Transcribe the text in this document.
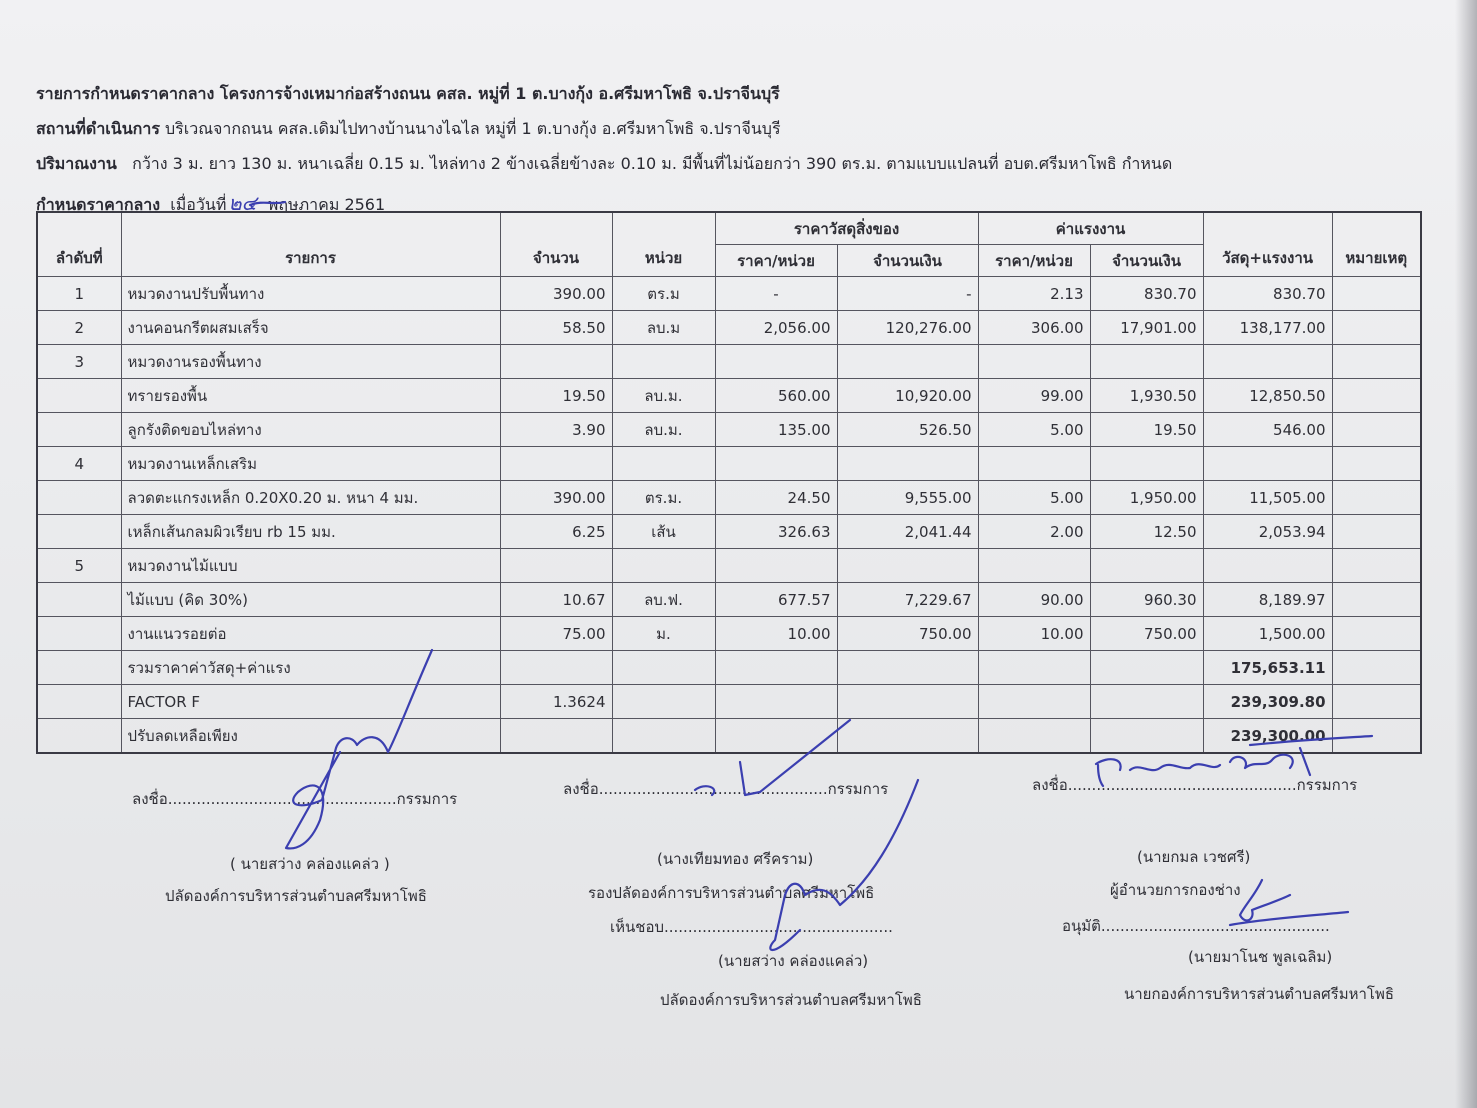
รายการกำหนดราคากลาง โครงการจ้างเหมาก่อสร้างถนน คสล. หมู่ที่ 1 ต.บางกุ้ง อ.ศรีมหาโพธิ จ.ปราจีนบุรี
สถานที่ดำเนินการ บริเวณจากถนน คสล.เดิมไปทางบ้านนางไฉไล หมู่ที่ 1 ต.บางกุ้ง อ.ศรีมหาโพธิ จ.ปราจีนบุรี
ปริมาณงาน กว้าง 3 ม. ยาว 130 ม. หนาเฉลี่ย 0.15 ม. ไหล่ทาง 2 ข้างเฉลี่ยข้างละ 0.10 ม. มีพื้นที่ไม่น้อยกว่า 390 ตร.ม. ตามแบบแปลนที่ อบต.ศรีมหาโพธิ กำหนด
กำหนดราคากลาง เมื่อวันที่ ๒๔ พฤษภาคม 2561
ลำดับที่	รายการ	จำนวน	หน่วย	ราคาวัสดุสิ่งของ		ค่าแรงงาน		วัสดุ+แรงงาน	หมายเหตุ
				ราคา/หน่วย	จำนวนเงิน	ราคา/หน่วย	จำนวนเงิน		
1	หมวดงานปรับพื้นทาง	390.00	ตร.ม	-	-	2.13	830.70	830.70	
2	งานคอนกรีตผสมเสร็จ	58.50	ลบ.ม	2,056.00	120,276.00	306.00	17,901.00	138,177.00	
3	หมวดงานรองพื้นทาง								
	ทรายรองพื้น	19.50	ลบ.ม.	560.00	10,920.00	99.00	1,930.50	12,850.50	
	ลูกรังติดขอบไหล่ทาง	3.90	ลบ.ม.	135.00	526.50	5.00	19.50	546.00	
4	หมวดงานเหล็กเสริม								
	ลวดตะแกรงเหล็ก 0.20X0.20 ม. หนา 4 มม.	390.00	ตร.ม.	24.50	9,555.00	5.00	1,950.00	11,505.00	
	เหล็กเส้นกลมผิวเรียบ rb 15 มม.	6.25	เส้น	326.63	2,041.44	2.00	12.50	2,053.94	
5	หมวดงานไม้แบบ								
	ไม้แบบ (คิด 30%)	10.67	ลบ.ฟ.	677.57	7,229.67	90.00	960.30	8,189.97	
	งานแนวรอยต่อ	75.00	ม.	10.00	750.00	10.00	750.00	1,500.00	
	รวมราคาค่าวัสดุ+ค่าแรง							175,653.11	
	FACTOR F	1.3624						239,309.80	
	ปรับลดเหลือเพียง							239,300.00	
ลงชื่อ................................................กรรมการ
( นายสว่าง คล่องแคล่ว )
ปลัดองค์การบริหารส่วนตำบลศรีมหาโพธิ
ลงชื่อ................................................กรรมการ
(นางเทียมทอง ศรีคราม)
รองปลัดองค์การบริหารส่วนตำบลศรีมหาโพธิ
เห็นชอบ................................................
(นายสว่าง คล่องแคล่ว)
ปลัดองค์การบริหารส่วนตำบลศรีมหาโพธิ
ลงชื่อ................................................กรรมการ
(นายกมล เวชศรี)
ผู้อำนวยการกองช่าง
อนุมัติ................................................
(นายมาโนช พูลเฉลิม)
นายกองค์การบริหารส่วนตำบลศรีมหาโพธิ
